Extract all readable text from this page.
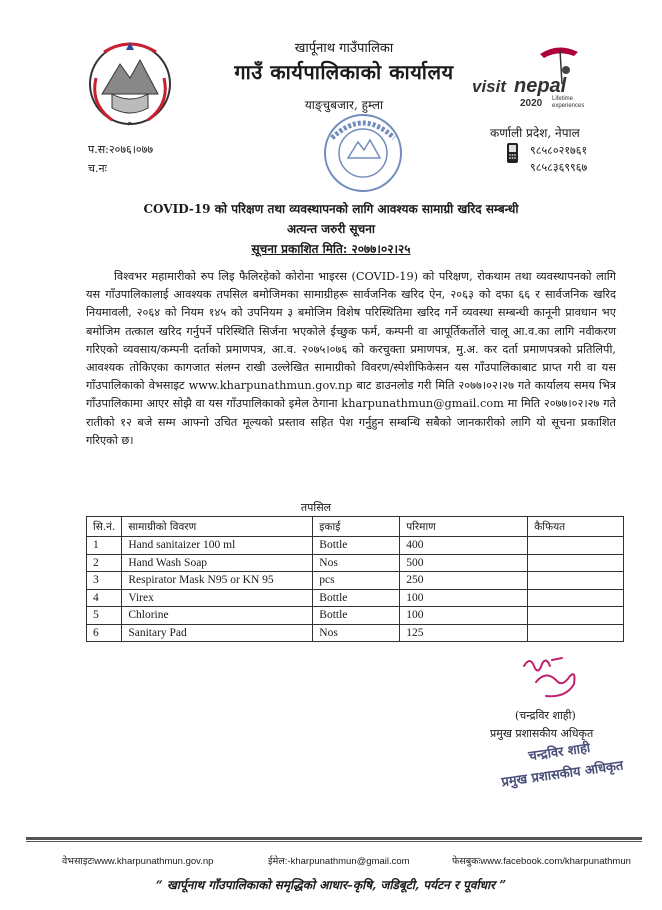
⚑
visit nepal
2020 Lifetime
experiences
खार्पूनाथ गाउँपालिका
गाउँ कार्यपालिकाको कार्यालय
याङ्चुबजार, हुम्ला
प.स:२०७६।०७७
च.नः
कर्णाली प्रदेश, नेपाल
९८५८०२१७६१
९८५८३६९९६७
COVID-19 को परिक्षण तथा व्यवस्थापनको लागि आवश्यक सामाग्री खरिद सम्बन्धी
अत्यन्त जरुरी सूचना
सूचना प्रकाशित मिति: २०७७।०२।२५

विश्वभर महामारीको रुप लिइ फैलिरहेको कोरोना भाइरस (COVID-19) को परिक्षण, रोकथाम तथा व्यवस्थापनको लागि यस गाँउपालिकालाई आवश्यक तपसिल बमोजिमका सामाग्रीहरू सार्वजनिक खरिद ऐन, २०६३ को दफा ६६ र सार्वजनिक खरिद नियमावली, २०६४ को नियम १४५ को उपनियम ३ बमोजिम विशेष परिस्थितिमा खरिद गर्ने व्यवस्था सम्बन्धी कानूनी प्रावधान भए बमोजिम तत्काल खरिद गर्नुपर्ने परिस्थिति सिर्जना भएकोले ईच्छुक फर्म, कम्पनी वा आपूर्तिकर्तोले चालू आ.व.का लागि नवीकरण गरिएको व्यवसाय/कम्पनी दर्ताको प्रमाणपत्र, आ.व. २०७५।०७६ को करचुक्ता प्रमाणपत्र, मु.अ. कर दर्ता प्रमाणपत्रको प्रतिलिपी, आवश्यक तोकिएका कागजात संलग्न राखी उल्लेखित सामाग्रीको विवरण/स्पेशीफिकेसन यस गाँउपालिकाबाट प्राप्त गरी वा यस गाँउपालिकाको वेभसाइट www.kharpunathmun.gov.np बाट डाउनलोड गरी मिति २०७७।०२।२७ गते कार्यालय समय भित्र गाँउपालिकामा आएर सोझै वा यस गाँउपालिकाको इमेल ठेगाना kharpunathmun@gmail.com मा मिति २०७७।०२।२७ गते रातीको १२ बजे सम्म आफ्नो उचित मूल्यको प्रस्ताव सहित पेश गर्नुहुन सम्बन्धि सबैको जानकारीको लागि यो सूचना प्रकाशित गरिएको छ।

तपसिल
सि.नं.	सामाग्रीको विवरण	इकाई	परिमाण	कैफियत
1	Hand sanitaizer 100 ml	Bottle	400	
2	Hand Wash Soap	Nos	500	
3	Respirator Mask N95 or KN 95	pcs	250	
4	Virex	Bottle	100	
5	Chlorine	Bottle	100	
6	Sanitary Pad	Nos	125	
(चन्द्रविर शाही)
प्रमुख प्रशासकीय अधिकृत
चन्द्रविर शाही
प्रमुख प्रशासकीय अधिकृत
वेभसाइटःwww.kharpunathmun.gov.np	ईमेल:-kharpunathmun@gmail.com	फेसबुकःwww.facebook.com/kharpunathmun
“ खार्पूनाथ गाँउपालिकाको समृद्धिको आधार–कृषि, जडिबूटी, पर्यटन र पूर्वाधार ”
